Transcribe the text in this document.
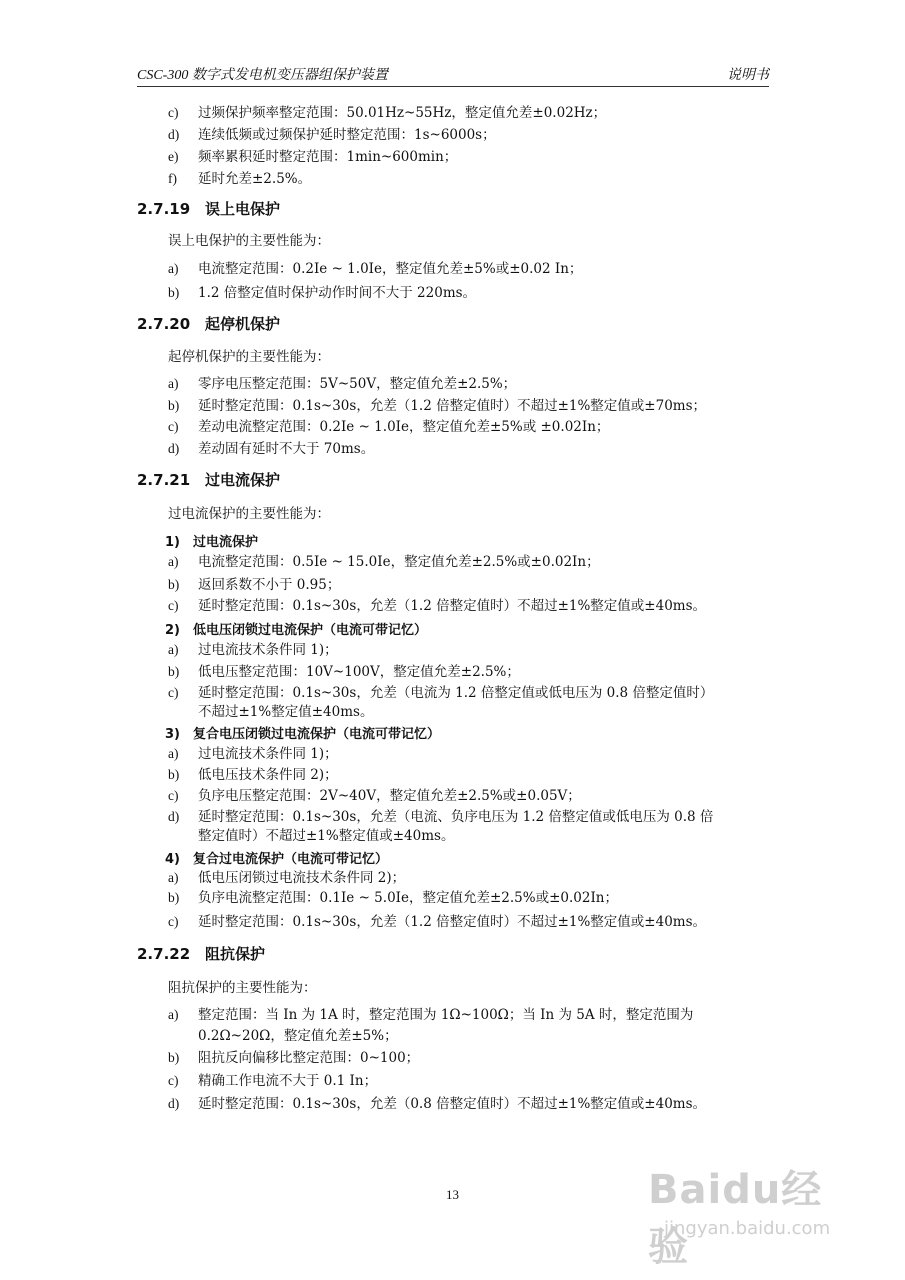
CSC-300 数字式发电机变压器组保护装置	说明书
c) 过频保护频率整定范围：50.01Hz~55Hz，整定值允差±0.02Hz；
d) 连续低频或过频保护延时整定范围：1s~6000s；
e) 频率累积延时整定范围：1min~600min；
f) 延时允差±2.5%。
2.7.19 误上电保护
误上电保护的主要性能为：
a) 电流整定范围：0.2Ie ~ 1.0Ie，整定值允差±5%或±0.02 In；
b) 1.2 倍整定值时保护动作时间不大于 220ms。
2.7.20 起停机保护
起停机保护的主要性能为：
a) 零序电压整定范围：5V~50V，整定值允差±2.5%；
b) 延时整定范围：0.1s~30s，允差（1.2 倍整定值时）不超过±1%整定值或±70ms；
c) 差动电流整定范围：0.2Ie ~ 1.0Ie，整定值允差±5%或 ±0.02In；
d) 差动固有延时不大于 70ms。
2.7.21 过电流保护
过电流保护的主要性能为：
1) 过电流保护
a) 电流整定范围：0.5Ie ~ 15.0Ie，整定值允差±2.5%或±0.02In；
b) 返回系数不小于 0.95；
c) 延时整定范围：0.1s~30s，允差（1.2 倍整定值时）不超过±1%整定值或±40ms。
2) 低电压闭锁过电流保护（电流可带记忆）
a) 过电流技术条件同 1)；
b) 低电压整定范围：10V~100V，整定值允差±2.5%；
c) 延时整定范围：0.1s~30s，允差（电流为 1.2 倍整定值或低电压为 0.8 倍整定值时）
不超过±1%整定值±40ms。
3) 复合电压闭锁过电流保护（电流可带记忆）
a) 过电流技术条件同 1)；
b) 低电压技术条件同 2)；
c) 负序电压整定范围：2V~40V，整定值允差±2.5%或±0.05V；
d) 延时整定范围：0.1s~30s，允差（电流、负序电压为 1.2 倍整定值或低电压为 0.8 倍
整定值时）不超过±1%整定值或±40ms。
4) 复合过电流保护（电流可带记忆）
a) 低电压闭锁过电流技术条件同 2)；
b) 负序电流整定范围：0.1Ie ~ 5.0Ie，整定值允差±2.5%或±0.02In；
c) 延时整定范围：0.1s~30s，允差（1.2 倍整定值时）不超过±1%整定值或±40ms。
2.7.22 阻抗保护
阻抗保护的主要性能为：
a) 整定范围：当 In 为 1A 时，整定范围为 1Ω~100Ω；当 In 为 5A 时，整定范围为
0.2Ω~20Ω，整定值允差±5%；
b) 阻抗反向偏移比整定范围：0~100；
c) 精确工作电流不大于 0.1 In；
d) 延时整定范围：0.1s~30s，允差（0.8 倍整定值时）不超过±1%整定值或±40ms。
13	Baidu经验
jingyan.baidu.com
